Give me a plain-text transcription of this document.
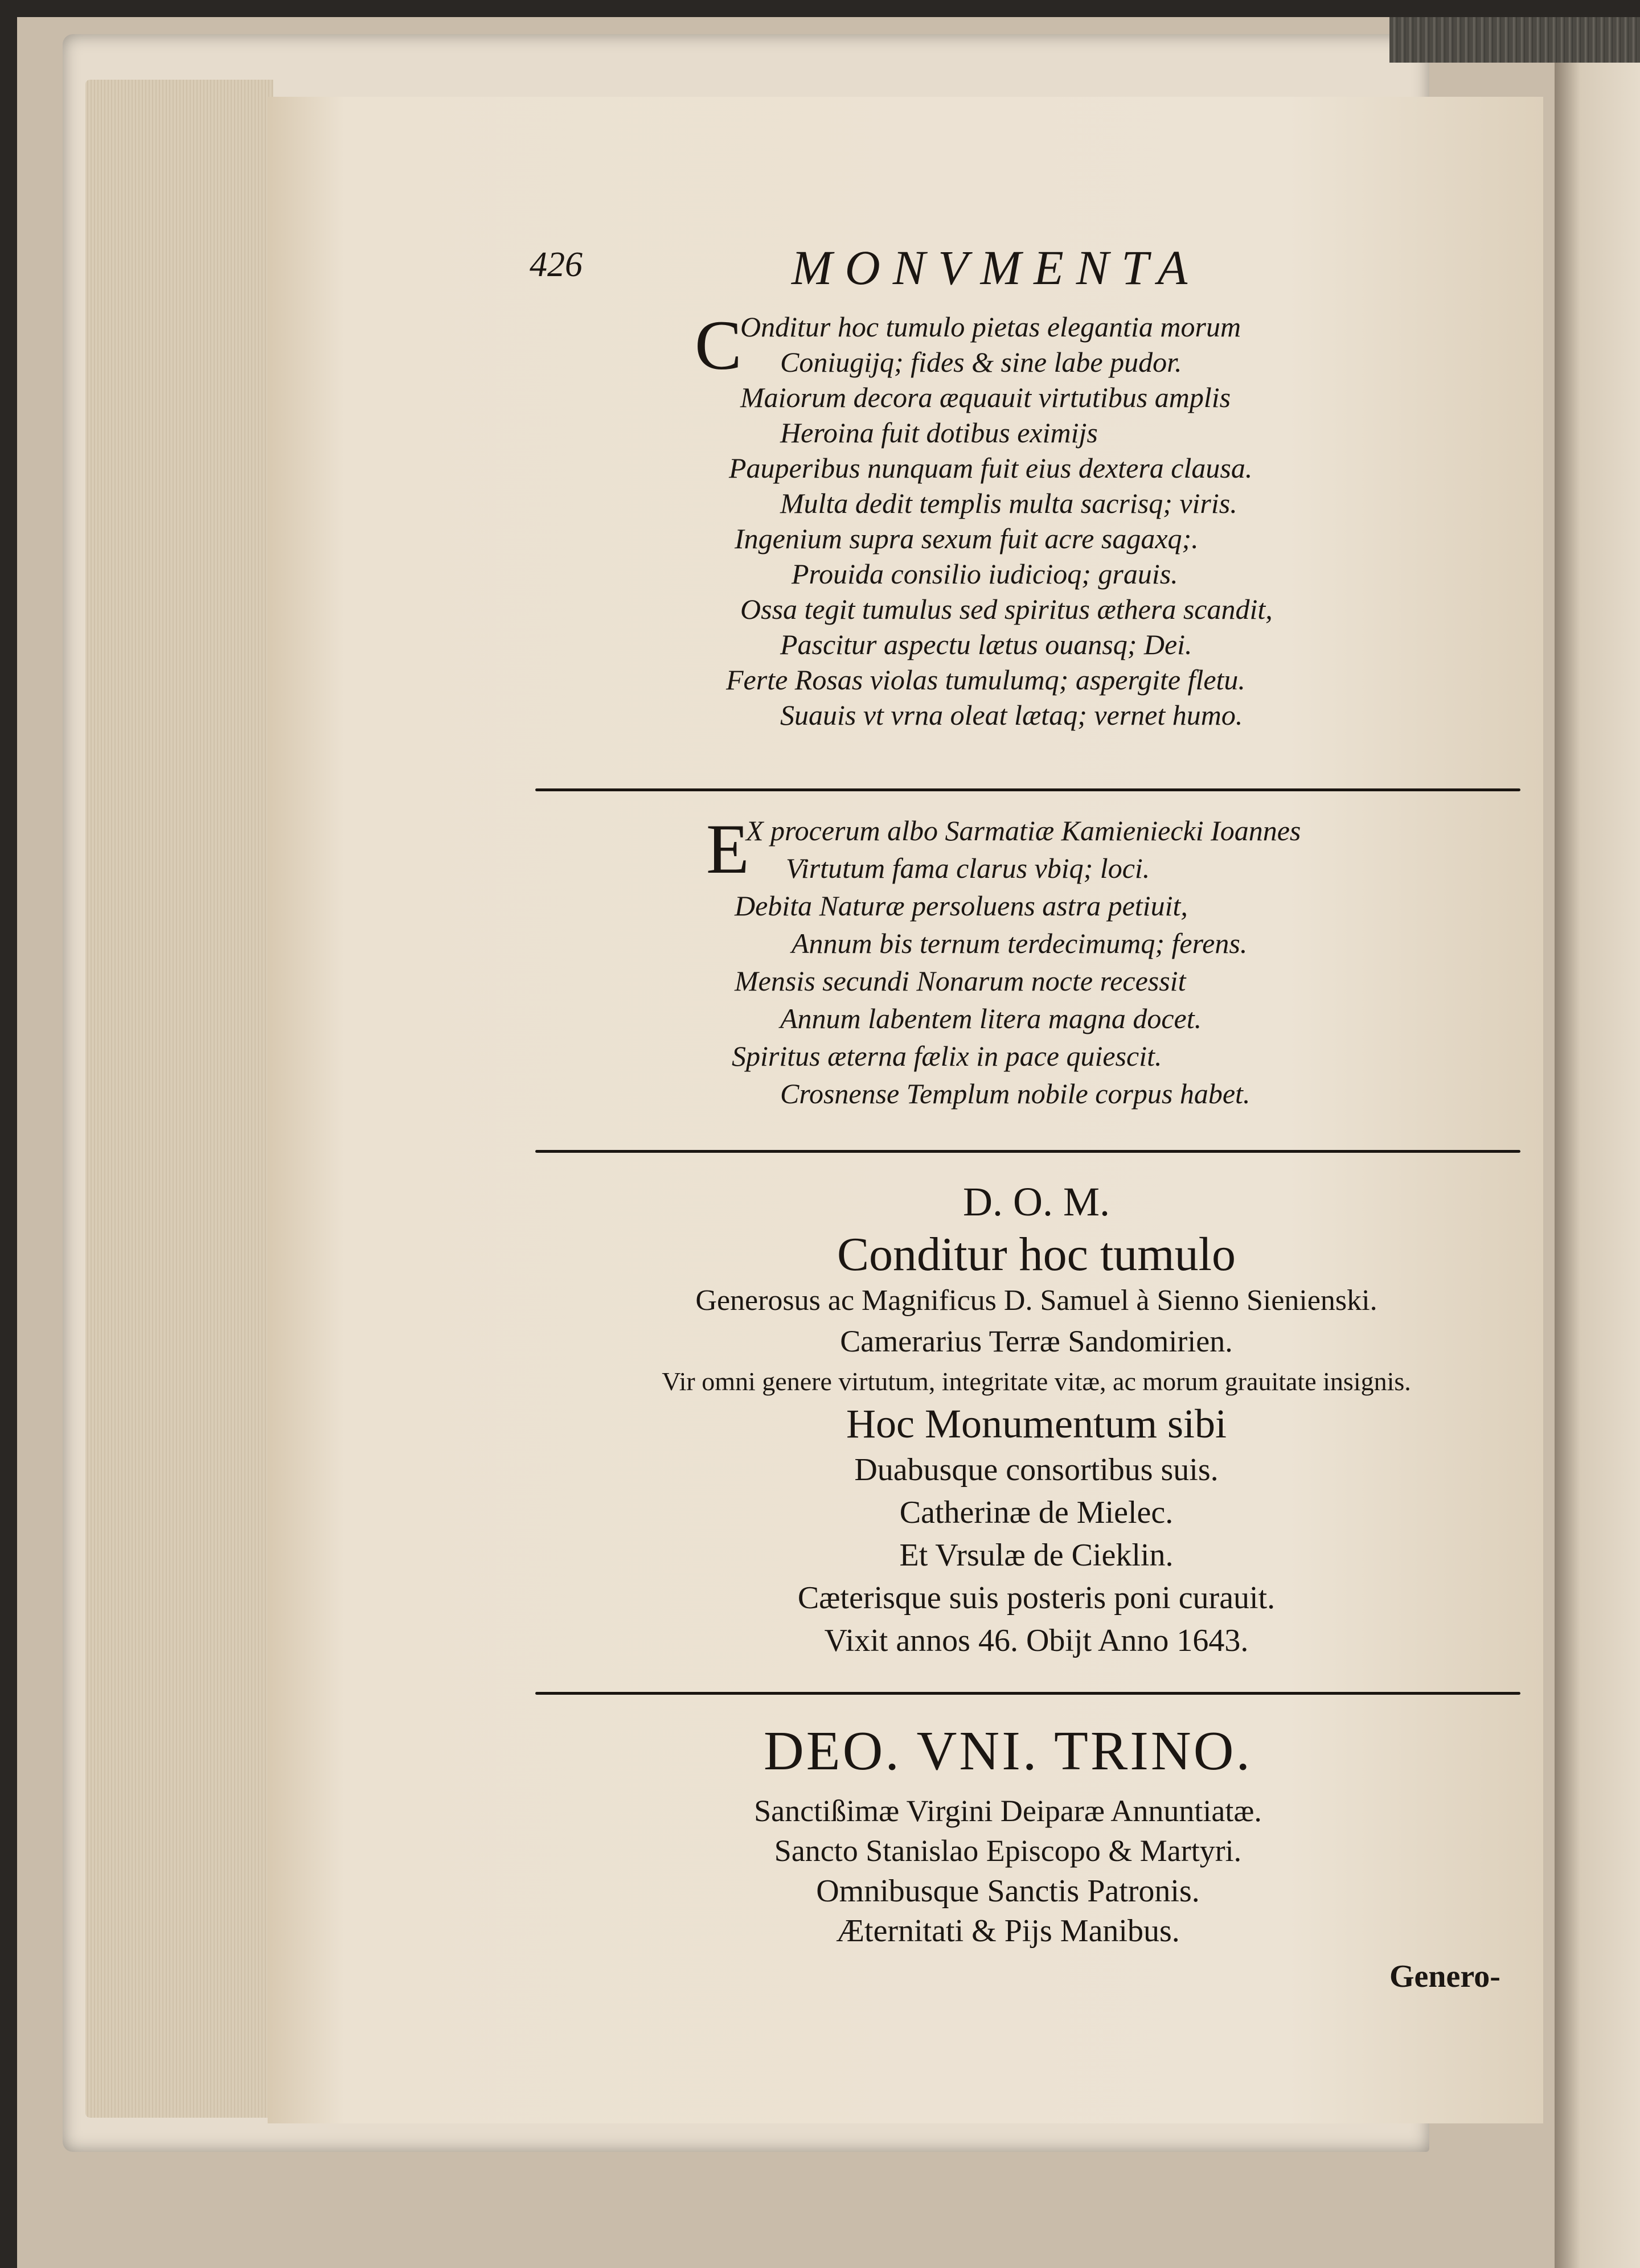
426	MONVMENTA
C
Onditur hoc tumulo pietas elegantia morum
Coniugijq; fides & sine labe pudor.
Maiorum decora æquauit virtutibus amplis
Heroina fuit dotibus eximijs
Pauperibus nunquam fuit eius dextera clausa.
Multa dedit templis multa sacrisq; viris.
Ingenium supra sexum fuit acre sagaxq;.
Prouida consilio iudicioq; grauis.
Ossa tegit tumulus sed spiritus æthera scandit,
Pascitur aspectu lætus ouansq; Dei.
Ferte Rosas violas tumulumq; aspergite fletu.
Suauis vt vrna oleat lætaq; vernet humo.
E
X procerum albo Sarmatiæ Kamieniecki Ioannes
Virtutum fama clarus vbiq; loci.
Debita Naturæ persoluens astra petiuit,
Annum bis ternum terdecimumq; ferens.
Mensis secundi Nonarum nocte recessit
Annum labentem litera magna docet.
Spiritus æterna fælix in pace quiescit.
Crosnense Templum nobile corpus habet.
D. O. M.
Conditur hoc tumulo
Generosus ac Magnificus D. Samuel à Sienno Sienienski.
Camerarius Terræ Sandomirien.
Vir omni genere virtutum, integritate vitæ, ac morum grauitate insignis.
Hoc Monumentum sibi
Duabusque consortibus suis.
Catherinæ de Mielec.
Et Vrsulæ de Cieklin.
Cæterisque suis posteris poni curauit.
Vixit annos 46. Obijt Anno 1643.
DEO. VNI. TRINO.
Sanctißimæ Virgini Deiparæ Annuntiatæ.
Sancto Stanislao Episcopo & Martyri.
Omnibusque Sanctis Patronis.
Æternitati & Pijs Manibus.
Genero-
